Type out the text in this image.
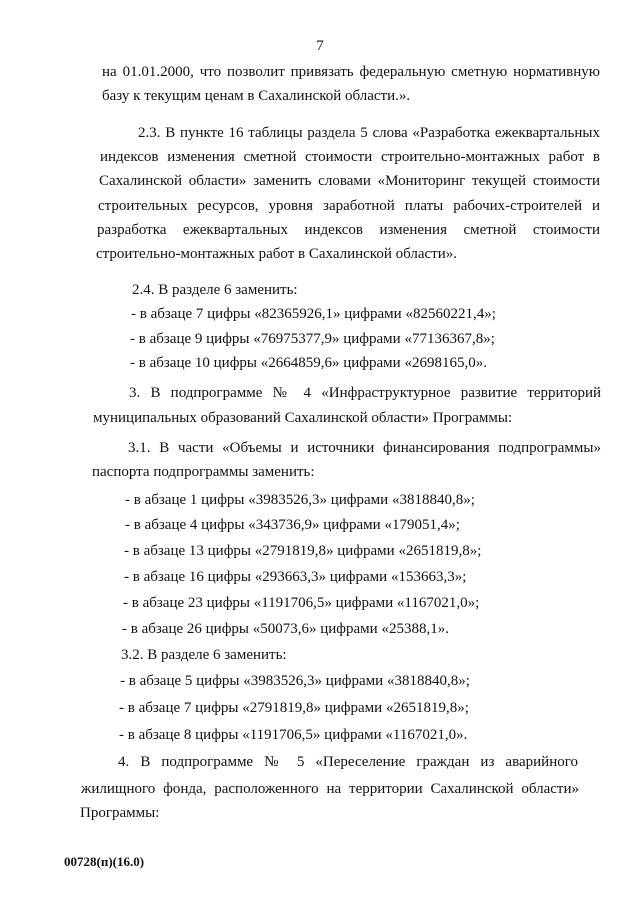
7
на 01.01.2000, что позволит привязать федеральную сметную нормативную
базу к текущим ценам в Сахалинской области.».
2.3. В пункте 16 таблицы раздела 5 слова «Разработка ежеквартальных
индексов изменения сметной стоимости строительно-монтажных работ в
Сахалинской области» заменить словами «Мониторинг текущей стоимости
строительных ресурсов, уровня заработной платы рабочих-строителей и
разработка ежеквартальных индексов изменения сметной стоимости
строительно-монтажных работ в Сахалинской области».
2.4. В разделе 6 заменить:
- в абзаце 7 цифры «82365926,1» цифрами «82560221,4»;
- в абзаце 9 цифры «76975377,9» цифрами «77136367,8»;
- в абзаце 10 цифры «2664859,6» цифрами «2698165,0».
3. В подпрограмме № 4 «Инфраструктурное развитие территорий
муниципальных образований Сахалинской области» Программы:
3.1. В части «Объемы и источники финансирования подпрограммы»
паспорта подпрограммы заменить:
- в абзаце 1 цифры «3983526,3» цифрами «3818840,8»;
- в абзаце 4 цифры «343736,9» цифрами «179051,4»;
- в абзаце 13 цифры «2791819,8» цифрами «2651819,8»;
- в абзаце 16 цифры «293663,3» цифрами «153663,3»;
- в абзаце 23 цифры «1191706,5» цифрами «1167021,0»;
- в абзаце 26 цифры «50073,6» цифрами «25388,1».
3.2. В разделе 6 заменить:
- в абзаце 5 цифры «3983526,3» цифрами «3818840,8»;
- в абзаце 7 цифры «2791819,8» цифрами «2651819,8»;
- в абзаце 8 цифры «1191706,5» цифрами «1167021,0».
4. В подпрограмме № 5 «Переселение граждан из аварийного
жилищного фонда, расположенного на территории Сахалинской области»
Программы:
00728(п)(16.0)
